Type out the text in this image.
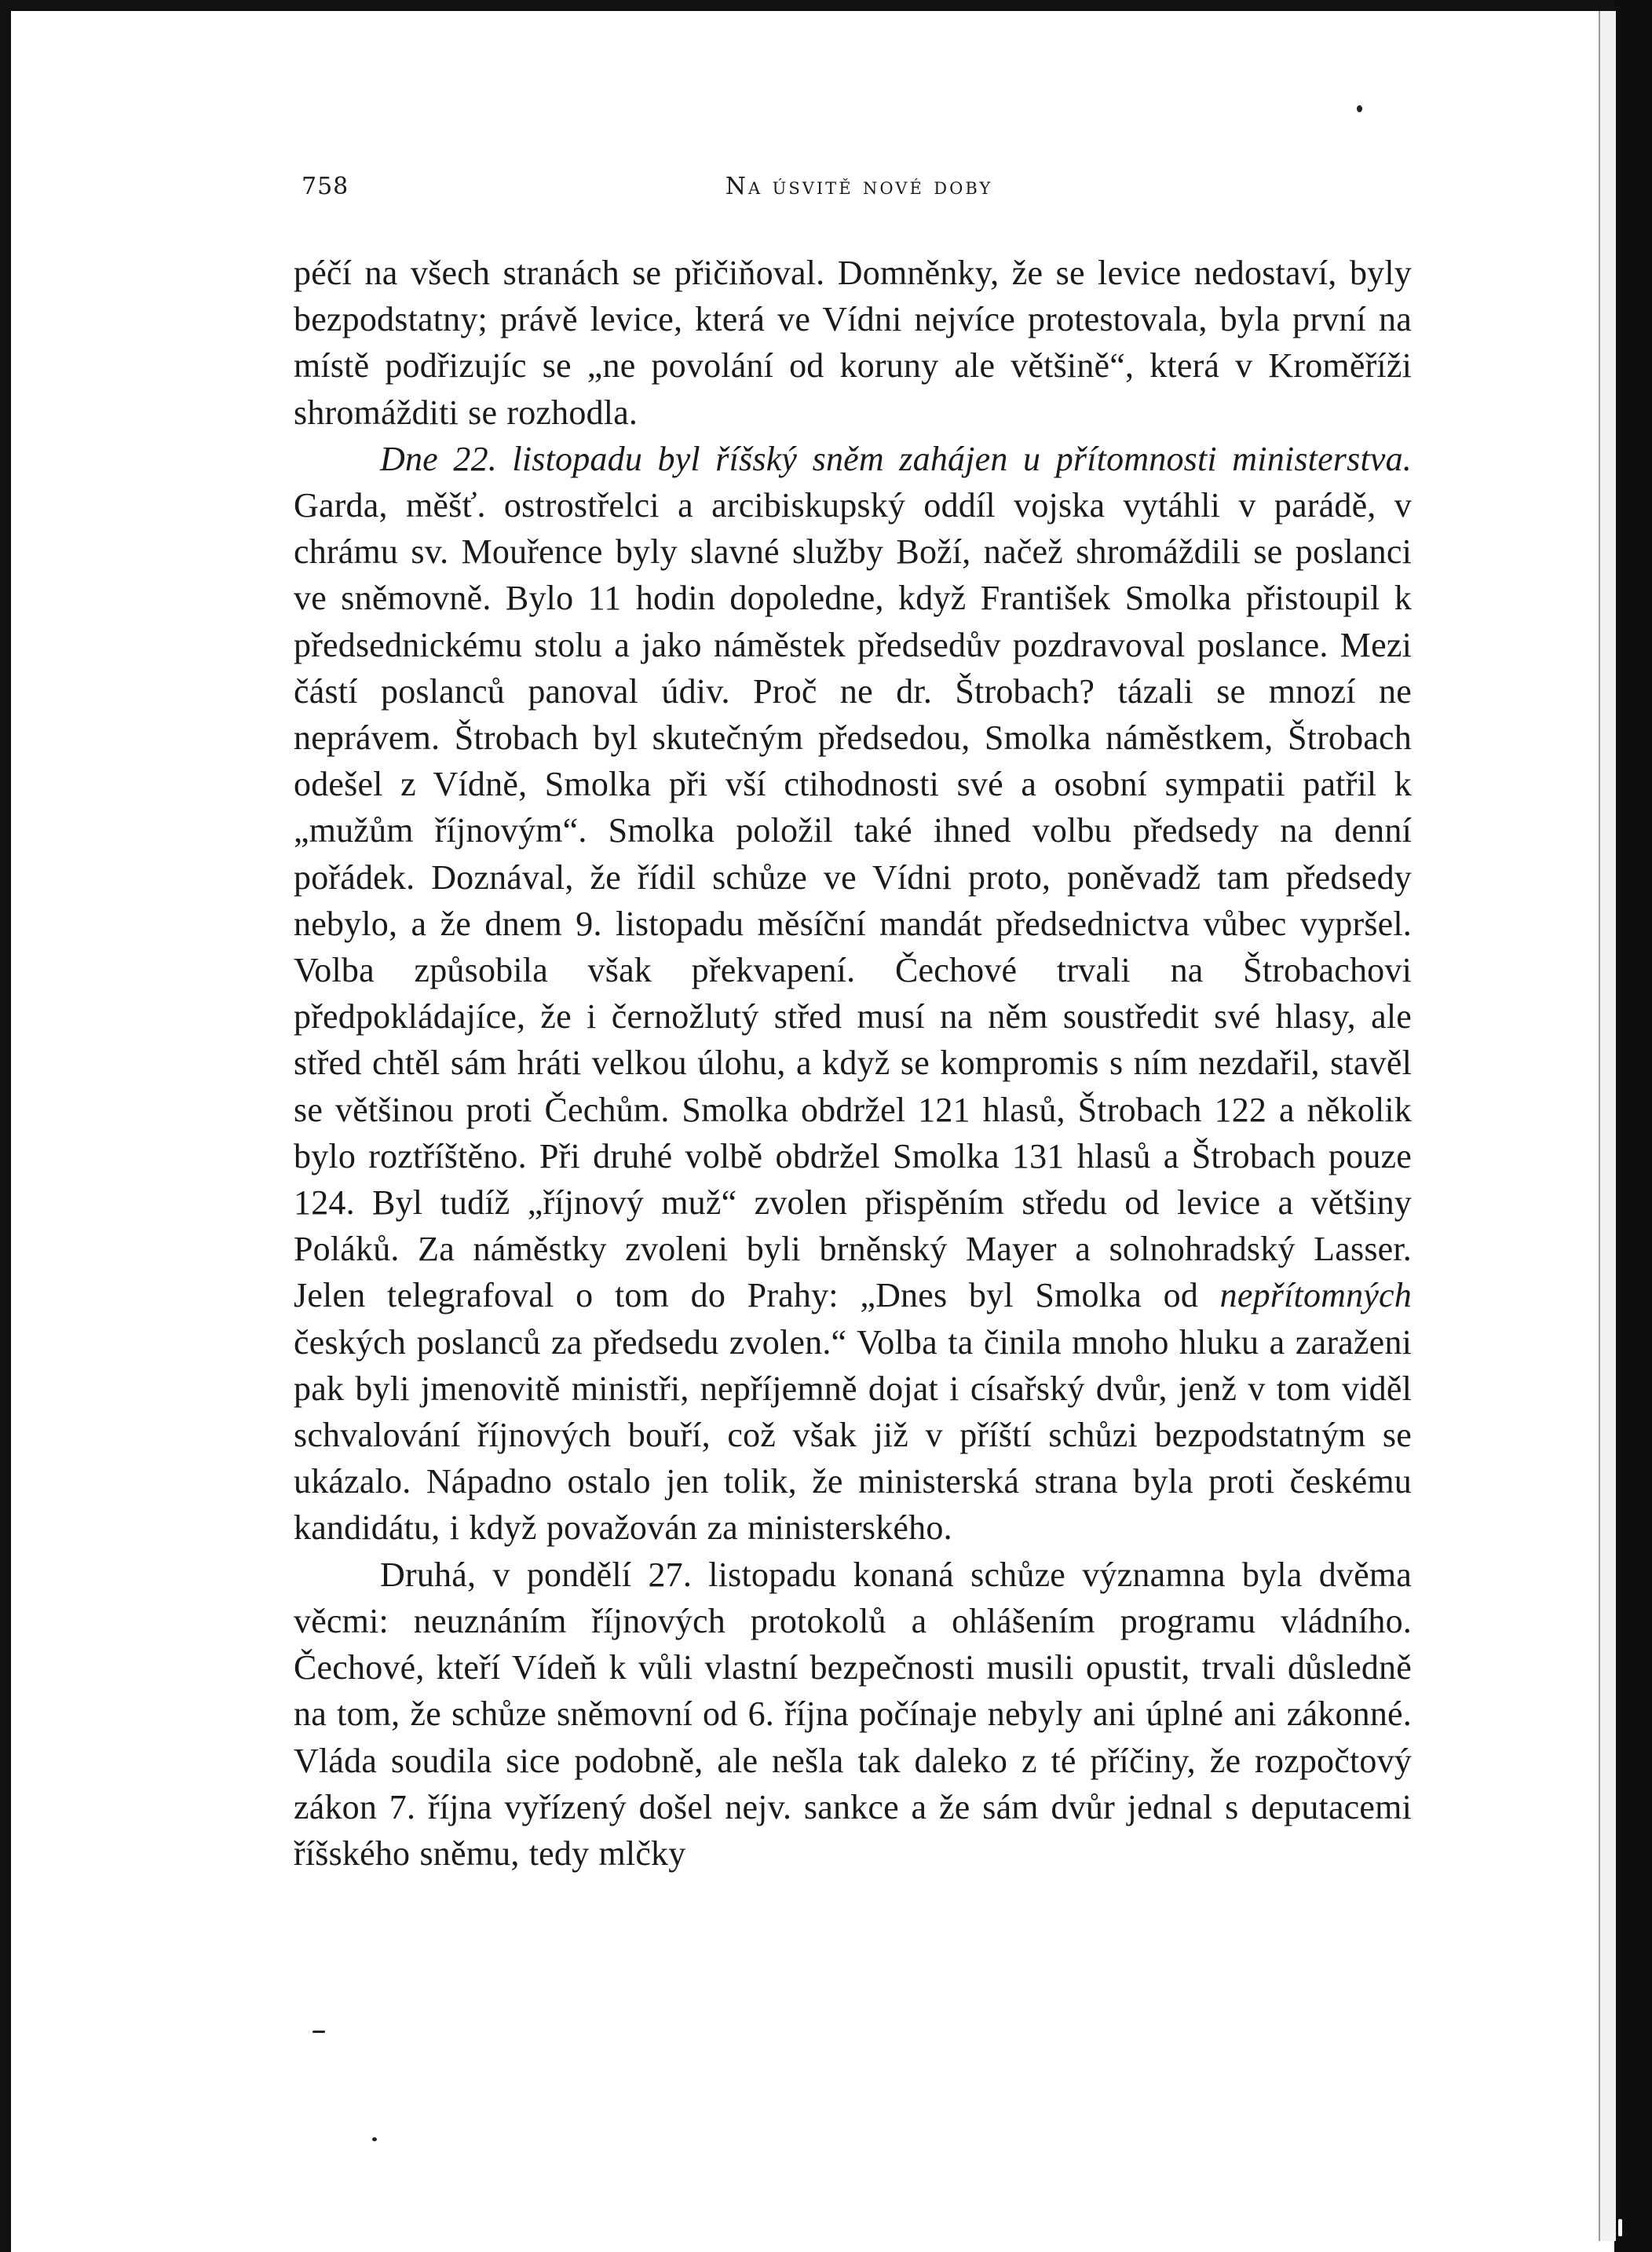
758	Na úsvitě nové doby

péčí na všech stranách se přičiňoval. Domněnky, že se levice nedostaví, byly bezpodstatny; právě levice, která ve Vídni nejvíce protestovala, byla první na místě podřizujíc se „ne povolání od koruny ale většině“, která v Kroměříži shromážditi se rozhodla.

Dne 22. listopadu byl říšský sněm zahájen u přítomnosti ministerstva. Garda, měšť. ostrostřelci a arcibiskupský oddíl vojska vytáhli v parádě, v chrámu sv. Mouřence byly slavné služby Boží, načež shromáždili se poslanci ve sněmovně. Bylo 11 hodin dopoledne, když František Smolka přistoupil k předsednickému stolu a jako náměstek předsedův pozdravoval poslance. Mezi částí poslanců panoval údiv. Proč ne dr. Štrobach? tázali se mnozí ne neprávem. Štrobach byl skutečným předsedou, Smolka náměstkem, Štrobach odešel z Vídně, Smolka při vší ctihodnosti své a osobní sympatii patřil k „mužům říjnovým“. Smolka položil také ihned volbu předsedy na denní pořádek. Doznával, že řídil schůze ve Vídni proto, poněvadž tam předsedy nebylo, a že dnem 9. listopadu měsíční mandát předsednictva vůbec vypršel. Volba způsobila však překvapení. Čechové trvali na Štrobachovi předpokládajíce, že i černožlutý střed musí na něm soustředit své hlasy, ale střed chtěl sám hráti velkou úlohu, a když se kompromis s ním nezdařil, stavěl se většinou proti Čechům. Smolka obdržel 121 hlasů, Štrobach 122 a několik bylo roztříštěno. Při druhé volbě obdržel Smolka 131 hlasů a Štrobach pouze 124. Byl tudíž „říjnový muž“ zvolen přispěním středu od levice a většiny Poláků. Za náměstky zvoleni byli brněnský Mayer a solnohradský Lasser. Jelen telegrafoval o tom do Prahy: „Dnes byl Smolka od nepřítomných českých poslanců za předsedu zvolen.“ Volba ta činila mnoho hluku a zaraženi pak byli jmenovitě ministři, nepříjemně dojat i císařský dvůr, jenž v tom viděl schvalování říjnových bouří, což však již v příští schůzi bezpodstatným se ukázalo. Nápadno ostalo jen tolik, že ministerská strana byla proti českému kandidátu, i když považován za ministerského.

Druhá, v pondělí 27. listopadu konaná schůze významna byla dvěma věcmi: neuznáním říjnových protokolů a ohlášením programu vládního. Čechové, kteří Vídeň k vůli vlastní bezpečnosti musili opustit, trvali důsledně na tom, že schůze sněmovní od 6. října počínaje nebyly ani úplné ani zákonné. Vláda soudila sice podobně, ale nešla tak daleko z té příčiny, že rozpočtový zákon 7. října vyřízený došel nejv. sankce a že sám dvůr jednal s deputacemi říšského sněmu, tedy mlčky
